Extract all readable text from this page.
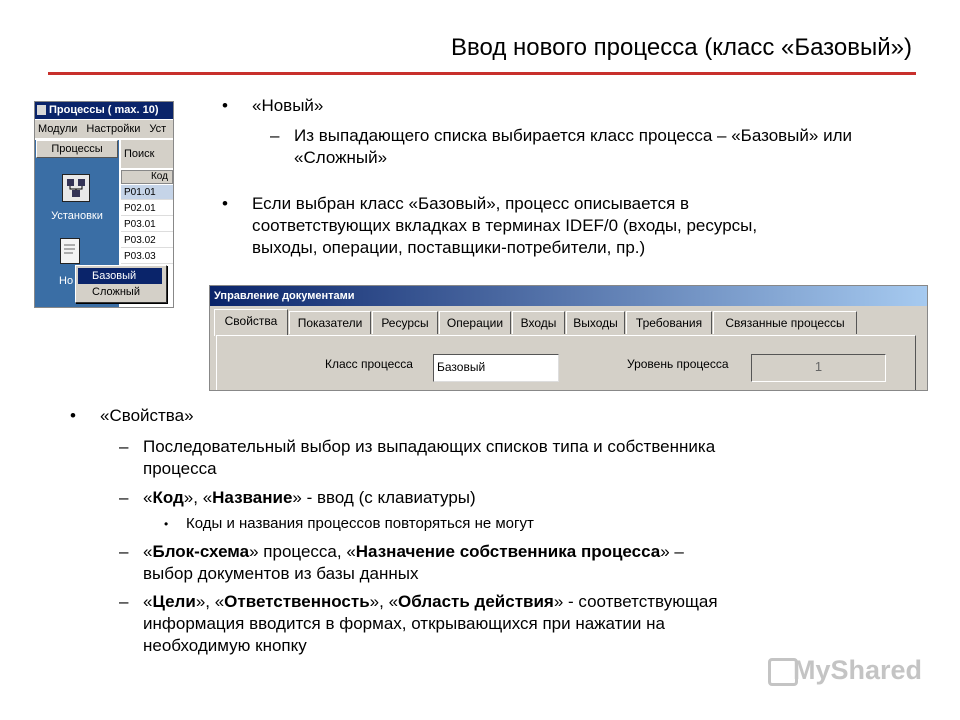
Ввод нового процесса (класс «Базовый»)
• «Новый»
– Из выпадающего списка выбирается класс процесса – «Базовый» или «Сложный»
• Если выбран класс «Базовый», процесс описывается в
соответствующих вкладках в терминах IDEF/0 (входы, ресурсы,
выходы, операции, поставщики-потребители, пр.)
Процессы ( max. 10)
Модули Настройки Уст
Процессы
Установки
Но
Поиск
Код
P01.01
P02.01
P03.01
P03.02
P03.03
Базовый
Сложный	Управление документами
Свойства	Показатели	Ресурсы	Операции	Входы	Выходы	Требования	Связанные процессы
Класс процесса	Базовый	Уровень процесса	1
• «Свойства»
– Последовательный выбор из выпадающих списков типа и собственника
процесса
– «Код», «Название» - ввод (с клавиатуры)
• Коды и названия процессов повторяться не могут
– «Блок-схема» процесса, «Назначение собственника процесса» –
выбор документов из базы данных
– «Цели», «Ответственность», «Область действия» - соответствующая
информация вводится в формах, открывающихся при нажатии на
необходимую кнопку
MyShared
